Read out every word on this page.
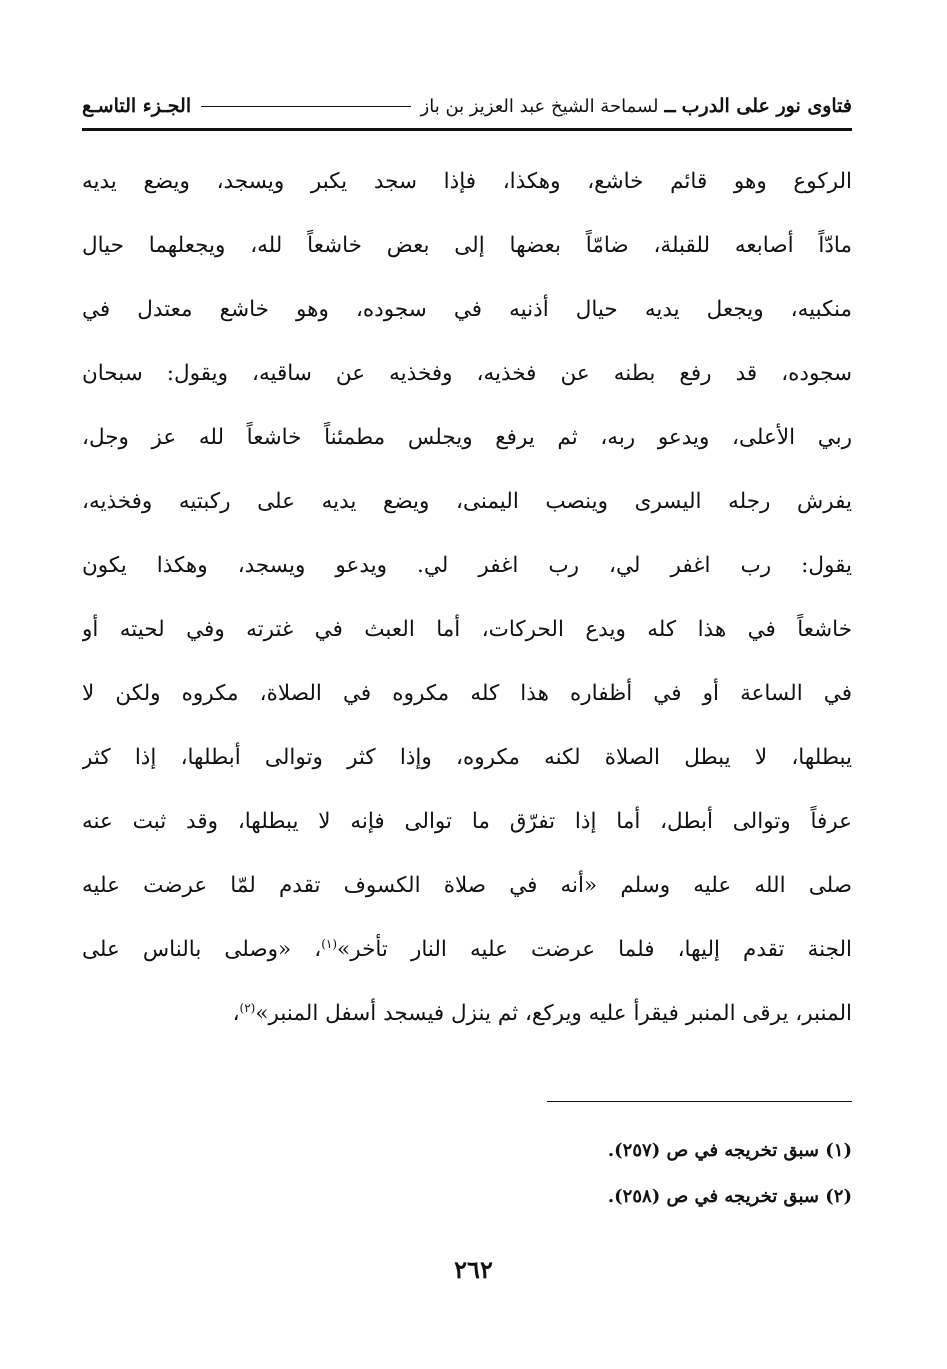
فتاوى نور على الدرب
ــ
لسماحة الشيخ عبد العزيز بن باز
الجـزء التاسـع
الركوع وهو قائم خاشع، وهكذا، فإذا سجد يكبر ويسجد، ويضع يديه
مادّاً أصابعه للقبلة، ضامّاً بعضها إلى بعض خاشعاً لله، ويجعلهما حيال
منكبيه، ويجعل يديه حيال أذنيه في سجوده، وهو خاشع معتدل في
سجوده، قد رفع بطنه عن فخذيه، وفخذيه عن ساقيه، ويقول: سبحان
ربي الأعلى، ويدعو ربه، ثم يرفع ويجلس مطمئناً خاشعاً لله عز وجل،
يفرش رجله اليسرى وينصب اليمنى، ويضع يديه على ركبتيه وفخذيه،
يقول: رب اغفر لي، رب اغفر لي. ويدعو ويسجد، وهكذا يكون
خاشعاً في هذا كله ويدع الحركات، أما العبث في غترته وفي لحيته أو
في الساعة أو في أظفاره هذا كله مكروه في الصلاة، مكروه ولكن لا
يبطلها، لا يبطل الصلاة لكنه مكروه، وإذا كثر وتوالى أبطلها، إذا كثر
عرفاً وتوالى أبطل، أما إذا تفرّق ما توالى فإنه لا يبطلها، وقد ثبت عنه
صلى الله عليه وسلم «أنه في صلاة الكسوف تقدم لمّا عرضت عليه
الجنة تقدم إليها، فلما عرضت عليه النار تأخر»$^{(١)}$، «وصلى بالناس على
المنبر، يرقى المنبر فيقرأ عليه ويركع، ثم ينزل فيسجد أسفل المنبر»$^{(٢)}$،
(١) سبق تخريجه في ص (٢٥٧).
(٢) سبق تخريجه في ص (٢٥٨).
٢٦٢
